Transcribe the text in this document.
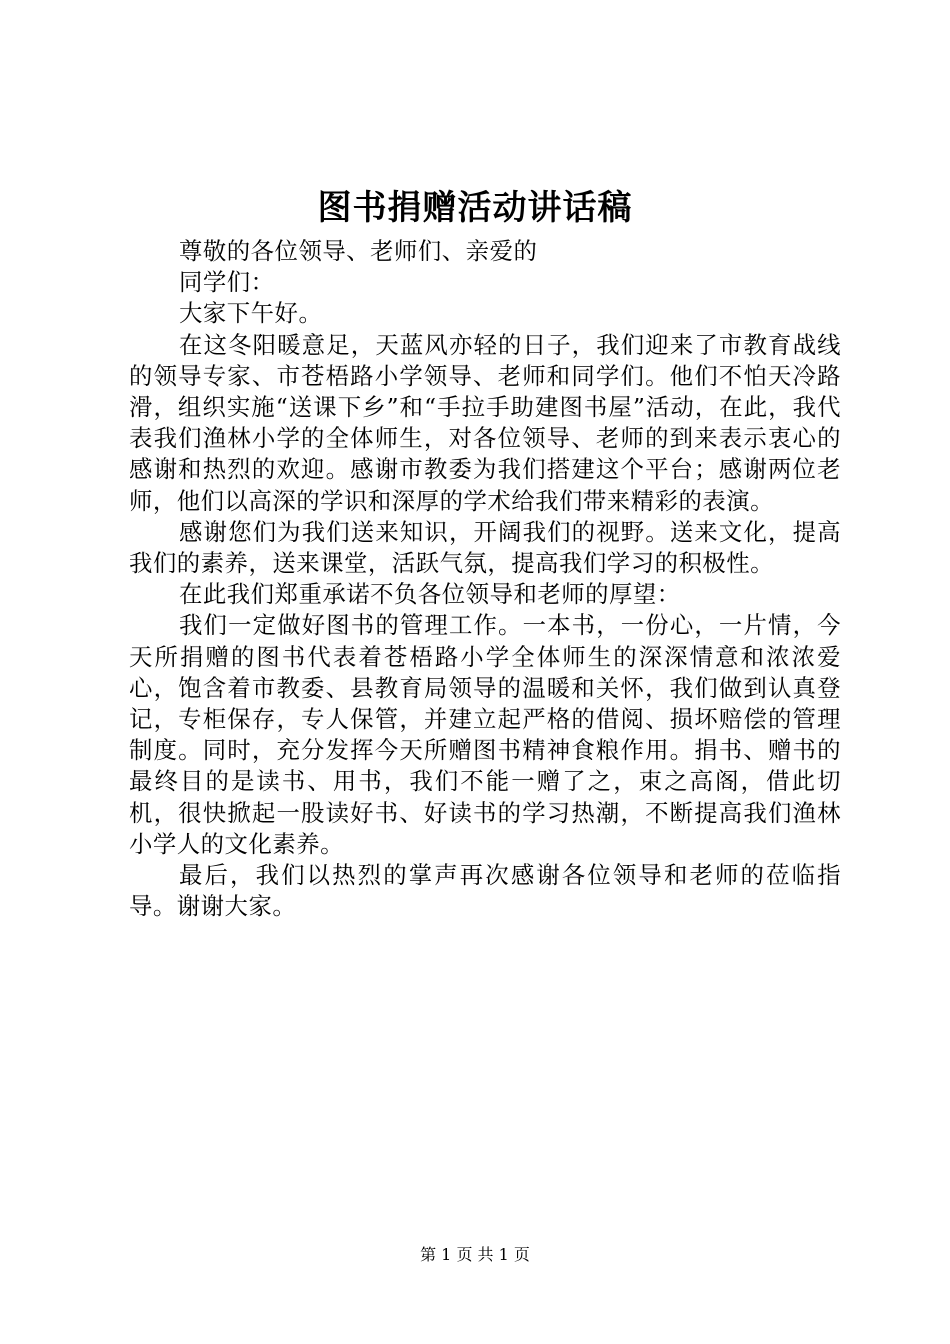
图书捐赠活动讲话稿

尊敬的各位领导、老师们、亲爱的

同学们：

大家下午好。

在这冬阳暖意足，天蓝风亦轻的日子，我们迎来了市教育战线的领导专家、市苍梧路小学领导、老师和同学们。他们不怕天冷路滑，组织实施“送课下乡”和“手拉手助建图书屋”活动，在此，我代表我们渔林小学的全体师生，对各位领导、老师的到来表示衷心的感谢和热烈的欢迎。感谢市教委为我们搭建这个平台；感谢两位老师，他们以高深的学识和深厚的学术给我们带来精彩的表演。

感谢您们为我们送来知识，开阔我们的视野。送来文化，提高我们的素养，送来课堂，活跃气氛，提高我们学习的积极性。

在此我们郑重承诺不负各位领导和老师的厚望：

我们一定做好图书的管理工作。一本书，一份心，一片情，今天所捐赠的图书代表着苍梧路小学全体师生的深深情意和浓浓爱心，饱含着市教委、县教育局领导的温暖和关怀，我们做到认真登记，专柜保存，专人保管，并建立起严格的借阅、损坏赔偿的管理制度。同时，充分发挥今天所赠图书精神食粮作用。捐书、赠书的最终目的是读书、用书，我们不能一赠了之，束之高阁，借此切机，很快掀起一股读好书、好读书的学习热潮，不断提高我们渔林小学人的文化素养。

最后，我们以热烈的掌声再次感谢各位领导和老师的莅临指导。谢谢大家。

第 1 页 共 1 页
